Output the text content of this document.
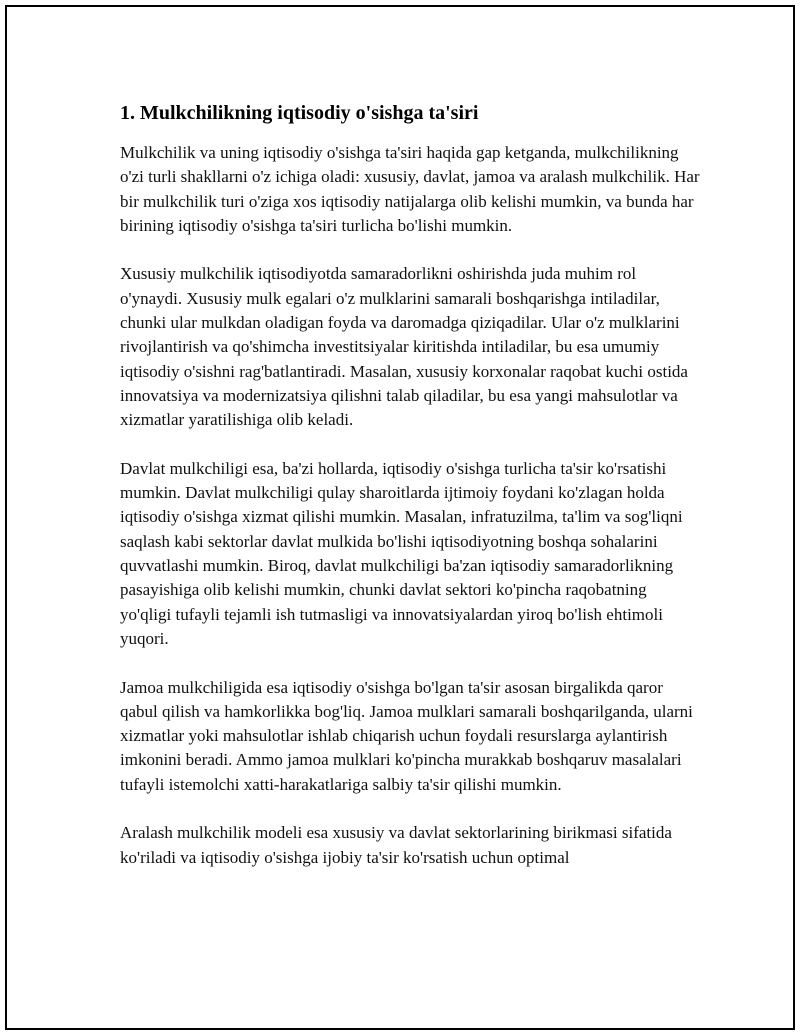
1. Mulkchilikning iqtisodiy o'sishga ta'siri

Mulkchilik va uning iqtisodiy o'sishga ta'siri haqida gap ketganda, mulkchilikning o'zi turli shakllarni o'z ichiga oladi: xususiy, davlat, jamoa va aralash mulkchilik. Har bir mulkchilik turi o'ziga xos iqtisodiy natijalarga olib kelishi mumkin, va bunda har birining iqtisodiy o'sishga ta'siri turlicha bo'lishi mumkin.

Xususiy mulkchilik iqtisodiyotda samaradorlikni oshirishda juda muhim rol o'ynaydi. Xususiy mulk egalari o'z mulklarini samarali boshqarishga intiladilar, chunki ular mulkdan oladigan foyda va daromadga qiziqadilar. Ular o'z mulklarini rivojlantirish va qo'shimcha investitsiyalar kiritishda intiladilar, bu esa umumiy iqtisodiy o'sishni rag'batlantiradi. Masalan, xususiy korxonalar raqobat kuchi ostida innovatsiya va modernizatsiya qilishni talab qiladilar, bu esa yangi mahsulotlar va xizmatlar yaratilishiga olib keladi.

Davlat mulkchiligi esa, ba'zi hollarda, iqtisodiy o'sishga turlicha ta'sir ko'rsatishi mumkin. Davlat mulkchiligi qulay sharoitlarda ijtimoiy foydani ko'zlagan holda iqtisodiy o'sishga xizmat qilishi mumkin. Masalan, infratuzilma, ta'lim va sog'liqni saqlash kabi sektorlar davlat mulkida bo'lishi iqtisodiyotning boshqa sohalarini quvvatlashi mumkin. Biroq, davlat mulkchiligi ba'zan iqtisodiy samaradorlikning pasayishiga olib kelishi mumkin, chunki davlat sektori ko'pincha raqobatning yo'qligi tufayli tejamli ish tutmasligi va innovatsiyalardan yiroq bo'lish ehtimoli yuqori.

Jamoa mulkchiligida esa iqtisodiy o'sishga bo'lgan ta'sir asosan birgalikda qaror qabul qilish va hamkorlikka bog'liq. Jamoa mulklari samarali boshqarilganda, ularni xizmatlar yoki mahsulotlar ishlab chiqarish uchun foydali resurslarga aylantirish imkonini beradi. Ammo jamoa mulklari ko'pincha murakkab boshqaruv masalalari tufayli istemolchi xatti-harakatlariga salbiy ta'sir qilishi mumkin.

Aralash mulkchilik modeli esa xususiy va davlat sektorlarining birikmasi sifatida ko'riladi va iqtisodiy o'sishga ijobiy ta'sir ko'rsatish uchun optimal
